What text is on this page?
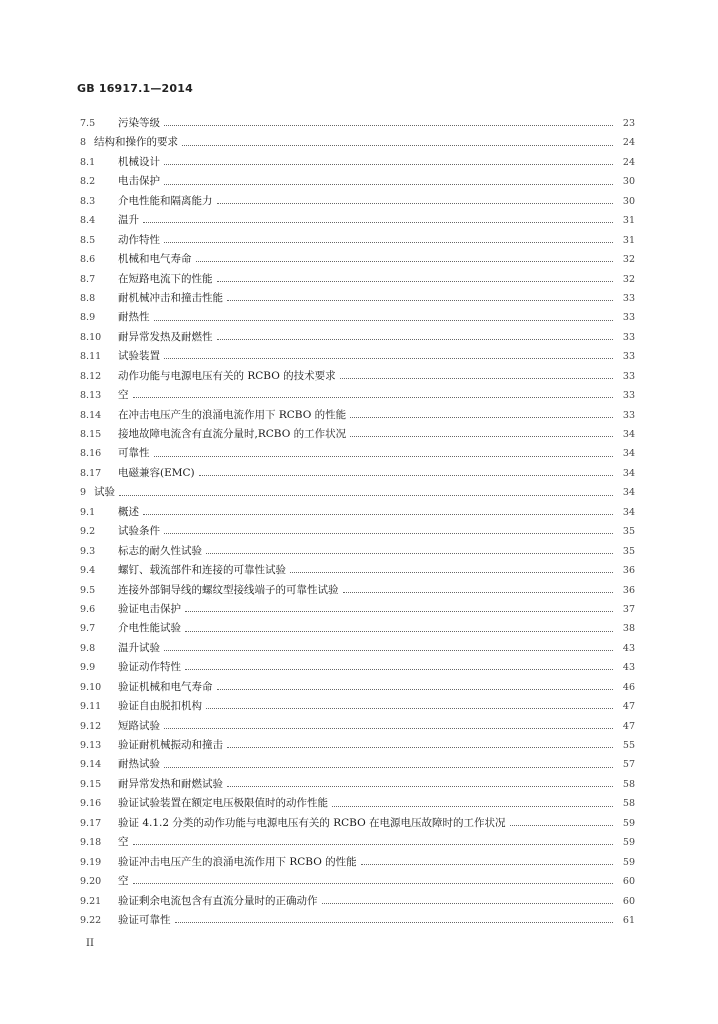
GB 16917.1—2014
7.5	污染等级	23
8 结构和操作的要求	24
8.1	机械设计	24
8.2	电击保护	30
8.3	介电性能和隔离能力	30
8.4	温升	31
8.5	动作特性	31
8.6	机械和电气寿命	32
8.7	在短路电流下的性能	32
8.8	耐机械冲击和撞击性能	33
8.9	耐热性	33
8.10	耐异常发热及耐燃性	33
8.11	试验装置	33
8.12	动作功能与电源电压有关的 RCBO 的技术要求	33
8.13	空	33
8.14	在冲击电压产生的浪涌电流作用下 RCBO 的性能	33
8.15	接地故障电流含有直流分量时,RCBO 的工作状况	34
8.16	可靠性	34
8.17	电磁兼容(EMC)	34
9 试验	34
9.1	概述	34
9.2	试验条件	35
9.3	标志的耐久性试验	35
9.4	螺钉、载流部件和连接的可靠性试验	36
9.5	连接外部铜导线的螺纹型接线端子的可靠性试验	36
9.6	验证电击保护	37
9.7	介电性能试验	38
9.8	温升试验	43
9.9	验证动作特性	43
9.10	验证机械和电气寿命	46
9.11	验证自由脱扣机构	47
9.12	短路试验	47
9.13	验证耐机械振动和撞击	55
9.14	耐热试验	57
9.15	耐异常发热和耐燃试验	58
9.16	验证试验装置在额定电压极限值时的动作性能	58
9.17	验证 4.1.2 分类的动作功能与电源电压有关的 RCBO 在电源电压故障时的工作状况	59
9.18	空	59
9.19	验证冲击电压产生的浪涌电流作用下 RCBO 的性能	59
9.20	空	60
9.21	验证剩余电流包含有直流分量时的正确动作	60
9.22	验证可靠性	61
II
